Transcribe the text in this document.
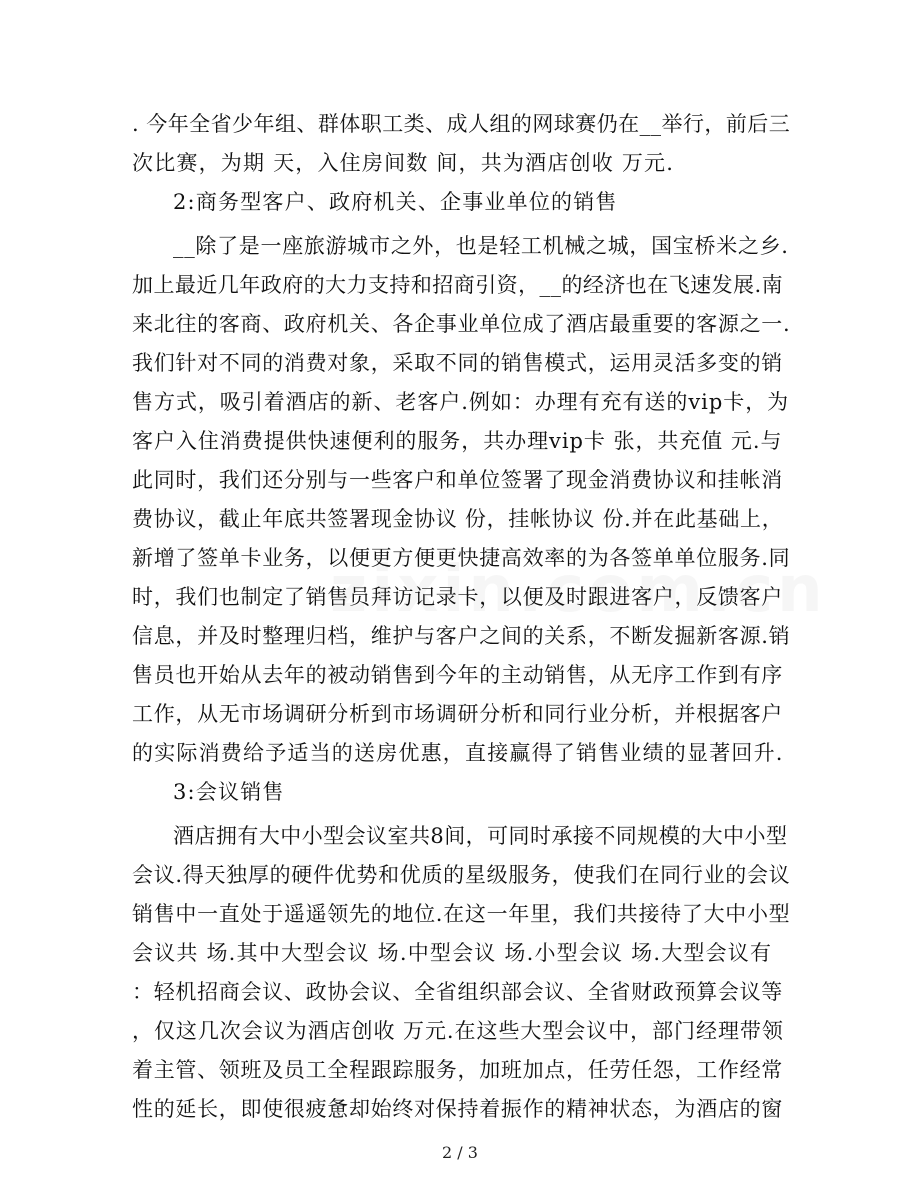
. 今年全省少年组、群体职工类、成人组的网球赛仍在__举行，前后三
次比赛，为期 天，入住房间数 间，共为酒店创收 万元.
2:商务型客户、政府机关、企事业单位的销售
__除了是一座旅游城市之外，也是轻工机械之城，国宝桥米之乡.
加上最近几年政府的大力支持和招商引资，__的经济也在飞速发展.南
来北往的客商、政府机关、各企事业单位成了酒店最重要的客源之一.
我们针对不同的消费对象，采取不同的销售模式，运用灵活多变的销
售方式，吸引着酒店的新、老客户.例如：办理有充有送的vip卡，为
客户入住消费提供快速便利的服务，共办理vip卡 张，共充值 元.与
此同时，我们还分别与一些客户和单位签署了现金消费协议和挂帐消
费协议，截止年底共签署现金协议 份，挂帐协议 份.并在此基础上，
新增了签单卡业务，以便更方便更快捷高效率的为各签单单位服务.同
时，我们也制定了销售员拜访记录卡，以便及时跟进客户，反馈客户
信息，并及时整理归档，维护与客户之间的关系，不断发掘新客源.销
售员也开始从去年的被动销售到今年的主动销售，从无序工作到有序
工作，从无市场调研分析到市场调研分析和同行业分析，并根据客户
的实际消费给予适当的送房优惠，直接赢得了销售业绩的显著回升.
3:会议销售
酒店拥有大中小型会议室共8间，可同时承接不同规模的大中小型
会议.得天独厚的硬件优势和优质的星级服务，使我们在同行业的会议
销售中一直处于遥遥领先的地位.在这一年里，我们共接待了大中小型
会议共 场.其中大型会议 场.中型会议 场.小型会议 场.大型会议有
：轻机招商会议、政协会议、全省组织部会议、全省财政预算会议等
，仅这几次会议为酒店创收 万元.在这些大型会议中，部门经理带领
着主管、领班及员工全程跟踪服务，加班加点，任劳任怨，工作经常
性的延长，即使很疲惫却始终对保持着振作的精神状态，为酒店的窗
2 / 3
